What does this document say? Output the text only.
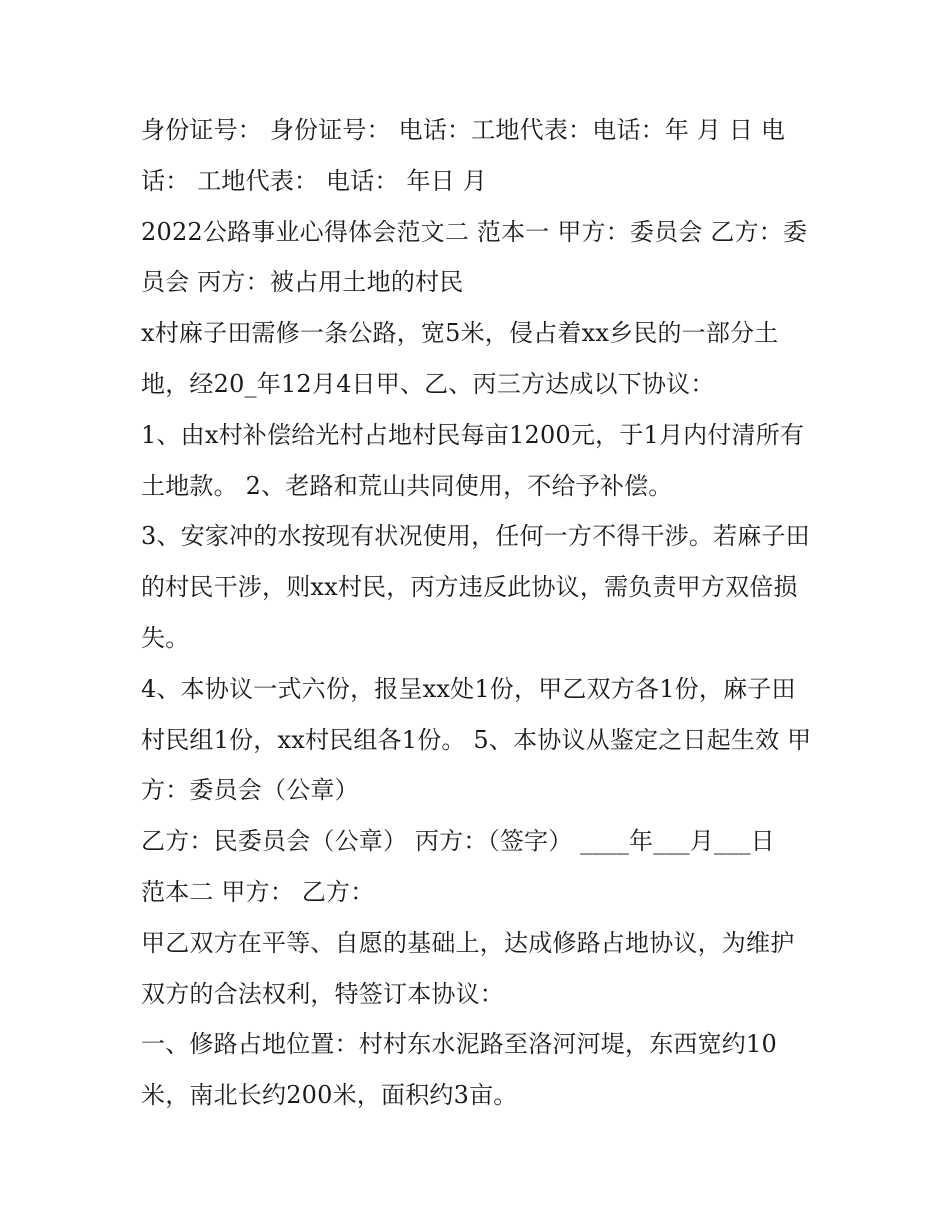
身份证号： 身份证号： 电话：工地代表：电话：年 月 日 电话： 工地代表： 电话： 年日 月

2022公路事业心得体会范文二 范本一 甲方：委员会 乙方：委员会 丙方：被占用土地的村民

x村麻子田需修一条公路，宽5米，侵占着xx乡民的一部分土地，经20_年12月4日甲、乙、丙三方达成以下协议：

1、由x村补偿给光村占地村民每亩1200元，于1月内付清所有土地款。 2、老路和荒山共同使用，不给予补偿。

3、安家冲的水按现有状况使用，任何一方不得干涉。若麻子田的村民干涉，则xx村民，丙方违反此协议，需负责甲方双倍损失。

4、本协议一式六份，报呈xx处1份，甲乙双方各1份，麻子田村民组1份，xx村民组各1份。 5、本协议从鉴定之日起生效 甲方：委员会（公章）

乙方：民委员会（公章） 丙方：（签字） ____年___月___日

范本二 甲方： 乙方：

甲乙双方在平等、自愿的基础上，达成修路占地协议，为维护双方的合法权利，特签订本协议：

一、修路占地位置：村村东水泥路至洛河河堤，东西宽约10米，南北长约200米，面积约3亩。
